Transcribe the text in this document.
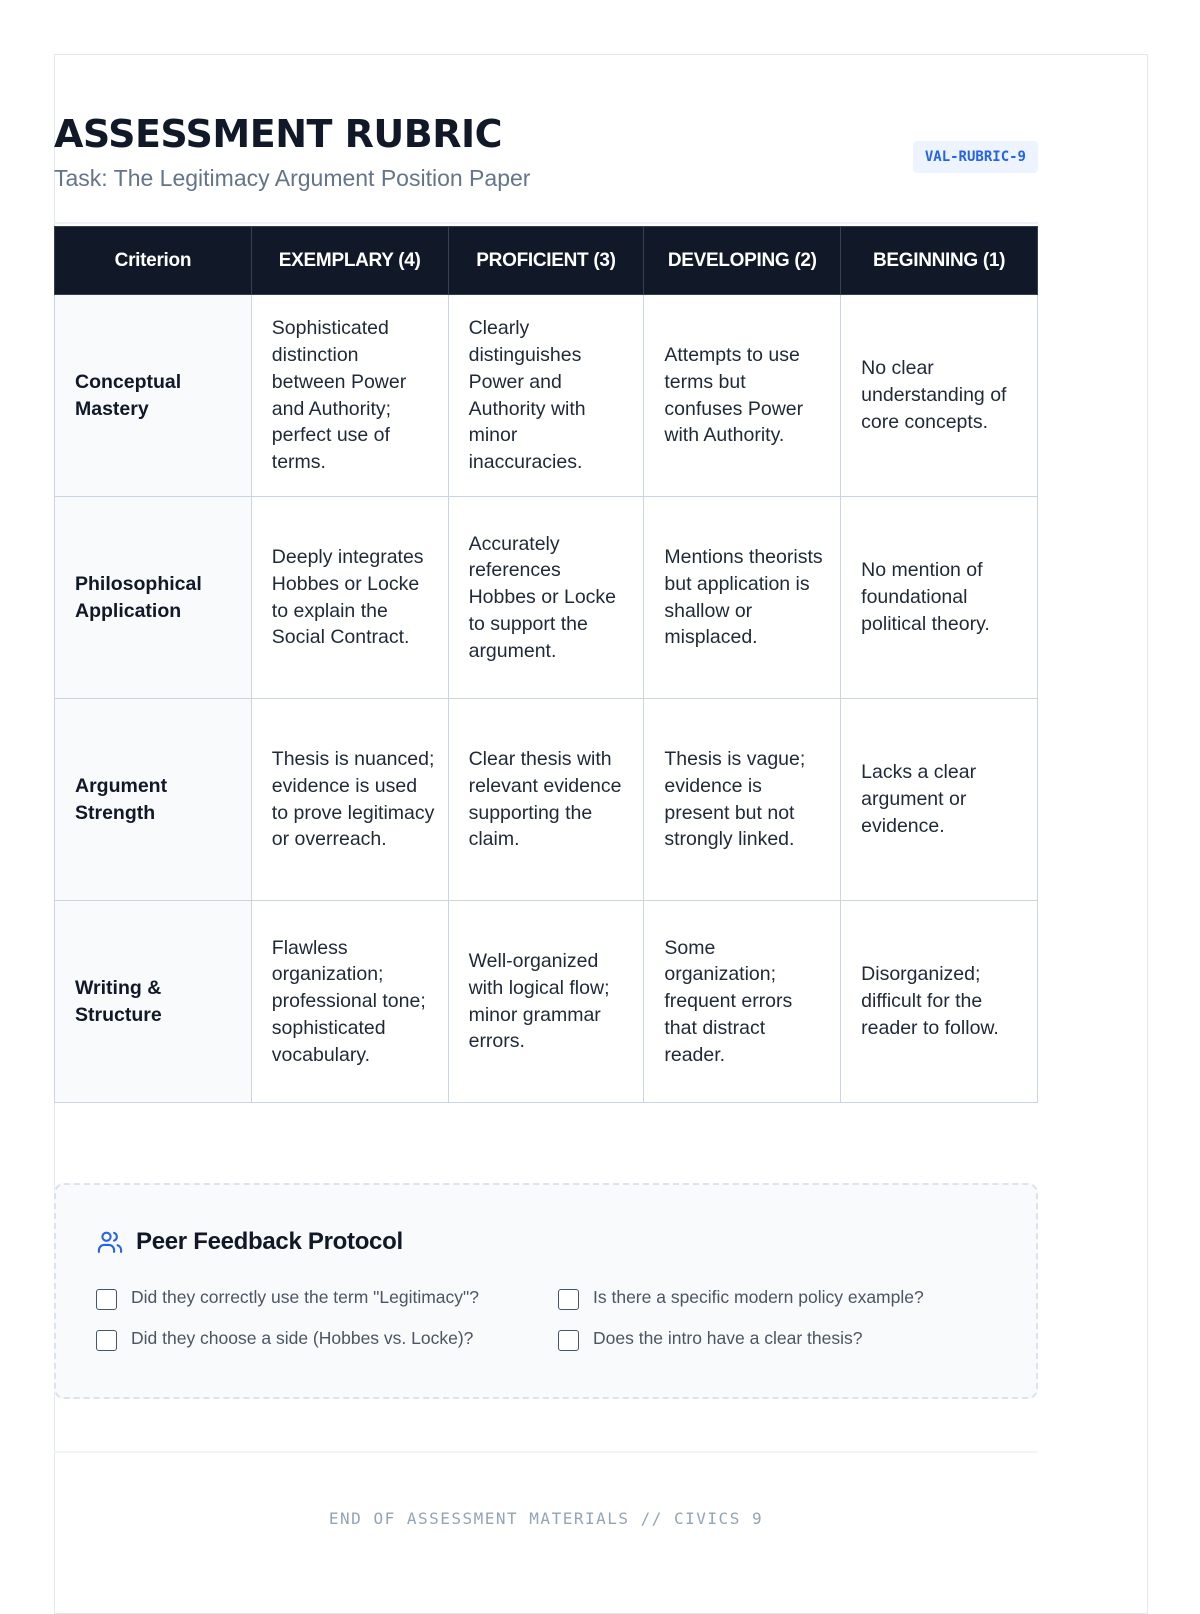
ASSESSMENT RUBRIC
Task: The Legitimacy Argument Position Paper
VAL-RUBRIC-9
Criterion	EXEMPLARY (4)	PROFICIENT (3)	DEVELOPING (2)	BEGINNING (1)
Conceptual Mastery	Sophisticated distinction between Power and Authority; perfect use of terms.	Clearly distinguishes Power and Authority with minor inaccuracies.	Attempts to use terms but confuses Power with Authority.	No clear understanding of core concepts.
Philosophical Application	Deeply integrates Hobbes or Locke to explain the Social Contract.	Accurately references Hobbes or Locke to support the argument.	Mentions theorists but application is shallow or misplaced.	No mention of foundational political theory.
Argument Strength	Thesis is nuanced; evidence is used to prove legitimacy or overreach.	Clear thesis with relevant evidence supporting the claim.	Thesis is vague; evidence is present but not strongly linked.	Lacks a clear argument or evidence.
Writing & Structure	Flawless organization; professional tone; sophisticated vocabulary.	Well-organized with logical flow; minor grammar errors.	Some organization; frequent errors that distract reader.	Disorganized; difficult for the reader to follow.
Peer Feedback Protocol
Did they correctly use the term "Legitimacy"?	Is there a specific modern policy example?
Did they choose a side (Hobbes vs. Locke)?	Does the intro have a clear thesis?
END OF ASSESSMENT MATERIALS // CIVICS 9
